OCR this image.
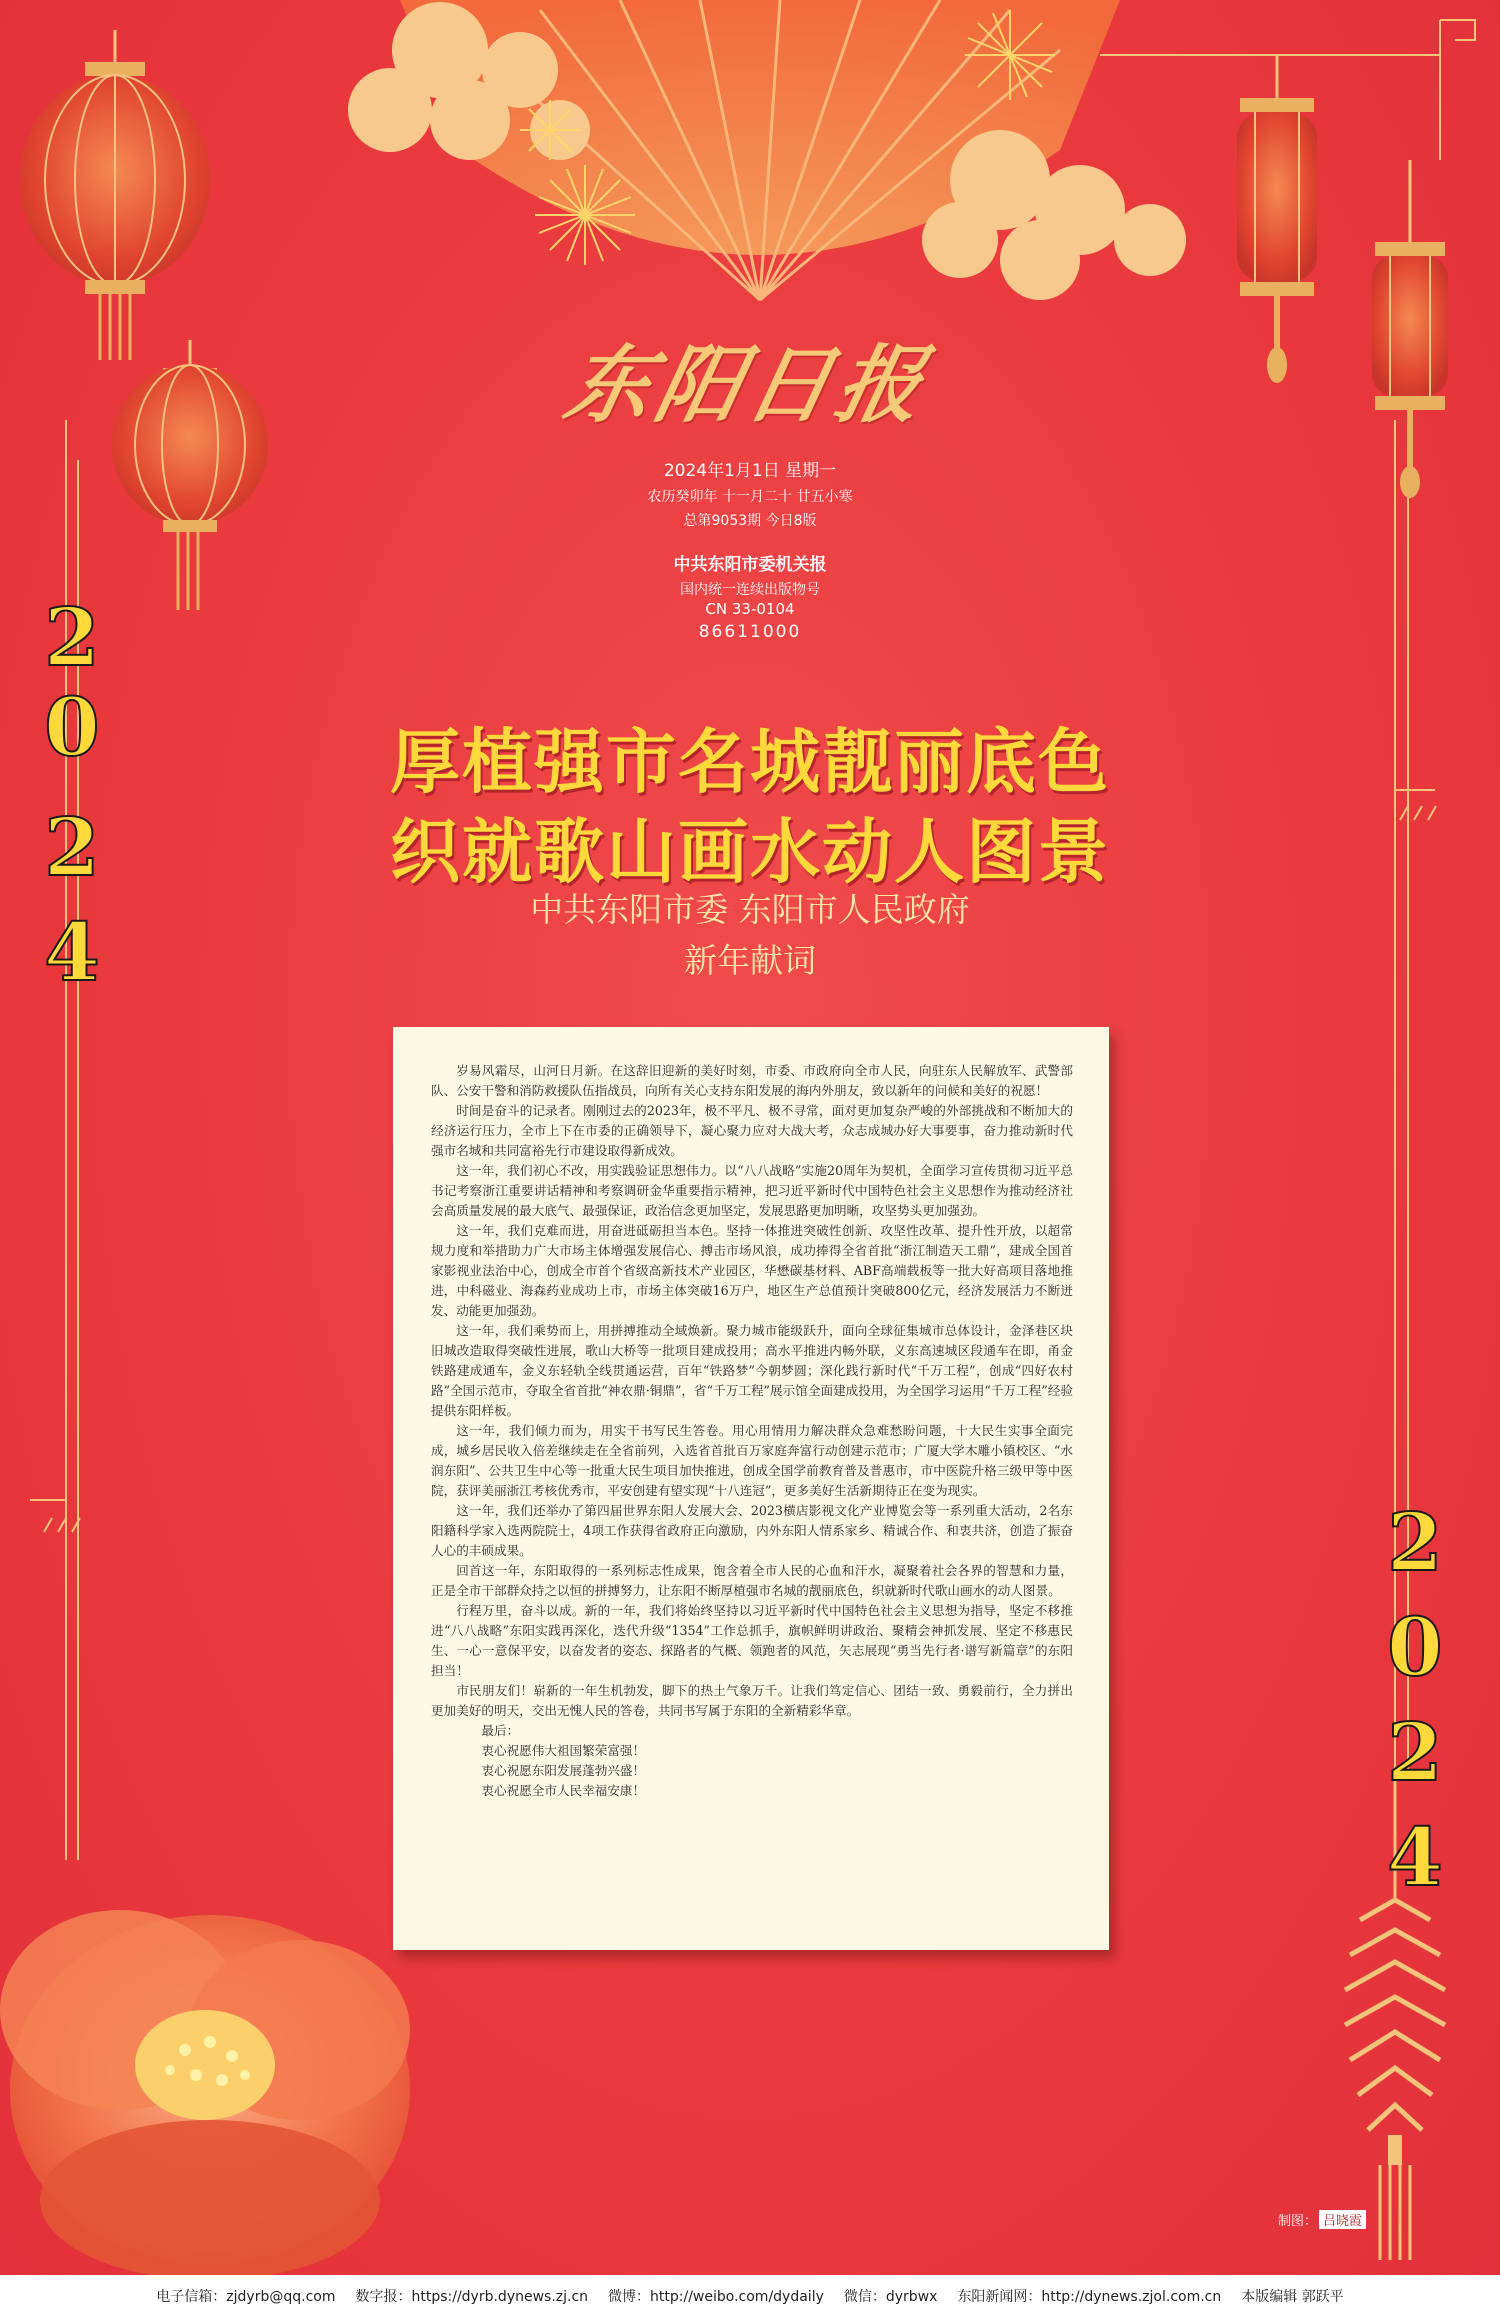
东阳日报
2024年1月1日 星期一
农历癸卯年 十一月二十 廿五小寒
总第9053期 今日8版
中共东阳市委机关报
国内统一连续出版物号
CN 33-0104
86611000
2
0
2
4
2
0
2
4
厚植强市名城靓丽底色
织就歌山画水动人图景
中共东阳市委 东阳市人民政府
新年献词

岁易风霜尽，山河日月新。在这辞旧迎新的美好时刻，市委、市政府向全市人民，向驻东人民解放军、武警部队、公安干警和消防救援队伍指战员，向所有关心支持东阳发展的海内外朋友，致以新年的问候和美好的祝愿！

时间是奋斗的记录者。刚刚过去的2023年，极不平凡、极不寻常，面对更加复杂严峻的外部挑战和不断加大的经济运行压力，全市上下在市委的正确领导下，凝心聚力应对大战大考，众志成城办好大事要事，奋力推动新时代强市名城和共同富裕先行市建设取得新成效。

这一年，我们初心不改，用实践验证思想伟力。以“八八战略”实施20周年为契机，全面学习宣传贯彻习近平总书记考察浙江重要讲话精神和考察调研金华重要指示精神，把习近平新时代中国特色社会主义思想作为推动经济社会高质量发展的最大底气、最强保证，政治信念更加坚定，发展思路更加明晰，攻坚势头更加强劲。

这一年，我们克难而进，用奋进砥砺担当本色。坚持一体推进突破性创新、攻坚性改革、提升性开放，以超常规力度和举措助力广大市场主体增强发展信心、搏击市场风浪，成功捧得全省首批“浙江制造天工鼎”，建成全国首家影视业法治中心，创成全市首个省级高新技术产业园区，华懋碳基材料、ABF高端载板等一批大好高项目落地推进，中科磁业、海森药业成功上市，市场主体突破16万户，地区生产总值预计突破800亿元，经济发展活力不断迸发、动能更加强劲。

这一年，我们乘势而上，用拼搏推动全域焕新。聚力城市能级跃升，面向全球征集城市总体设计，金泽巷区块旧城改造取得突破性进展，歌山大桥等一批项目建成投用；高水平推进内畅外联，义东高速城区段通车在即，甬金铁路建成通车，金义东轻轨全线贯通运营，百年“铁路梦”今朝梦圆；深化践行新时代“千万工程”，创成“四好农村路”全国示范市，夺取全省首批“神农鼎·铜鼎”，省“千万工程”展示馆全面建成投用，为全国学习运用“千万工程”经验提供东阳样板。

这一年，我们倾力而为，用实干书写民生答卷。用心用情用力解决群众急难愁盼问题，十大民生实事全面完成，城乡居民收入倍差继续走在全省前列，入选省首批百万家庭奔富行动创建示范市；广厦大学木雕小镇校区、“水润东阳”、公共卫生中心等一批重大民生项目加快推进，创成全国学前教育普及普惠市，市中医院升格三级甲等中医院，获评美丽浙江考核优秀市，平安创建有望实现“十八连冠”，更多美好生活新期待正在变为现实。

这一年，我们还举办了第四届世界东阳人发展大会、2023横店影视文化产业博览会等一系列重大活动，2名东阳籍科学家入选两院院士，4项工作获得省政府正向激励，内外东阳人情系家乡、精诚合作、和衷共济，创造了振奋人心的丰硕成果。

回首这一年，东阳取得的一系列标志性成果，饱含着全市人民的心血和汗水，凝聚着社会各界的智慧和力量，正是全市干部群众持之以恒的拼搏努力，让东阳不断厚植强市名城的靓丽底色，织就新时代歌山画水的动人图景。

行程万里，奋斗以成。新的一年，我们将始终坚持以习近平新时代中国特色社会主义思想为指导，坚定不移推进“八八战略”东阳实践再深化，迭代升级“1354”工作总抓手，旗帜鲜明讲政治、聚精会神抓发展、坚定不移惠民生、一心一意保平安，以奋发者的姿态、探路者的气概、领跑者的风范，矢志展现“勇当先行者·谱写新篇章”的东阳担当！

市民朋友们！崭新的一年生机勃发，脚下的热土气象万千。让我们笃定信心、团结一致、勇毅前行，全力拼出更加美好的明天，交出无愧人民的答卷，共同书写属于东阳的全新精彩华章。

最后：

衷心祝愿伟大祖国繁荣富强！

衷心祝愿东阳发展蓬勃兴盛！

衷心祝愿全市人民幸福安康！

制图： 吕晓霞
电子信箱：zjdyrb@qq.com 数字报：https://dyrb.dynews.zj.cn 微博：http://weibo.com/dydaily 微信：dyrbwx 东阳新闻网：http://dynews.zjol.com.cn 本版编辑 郭跃平
